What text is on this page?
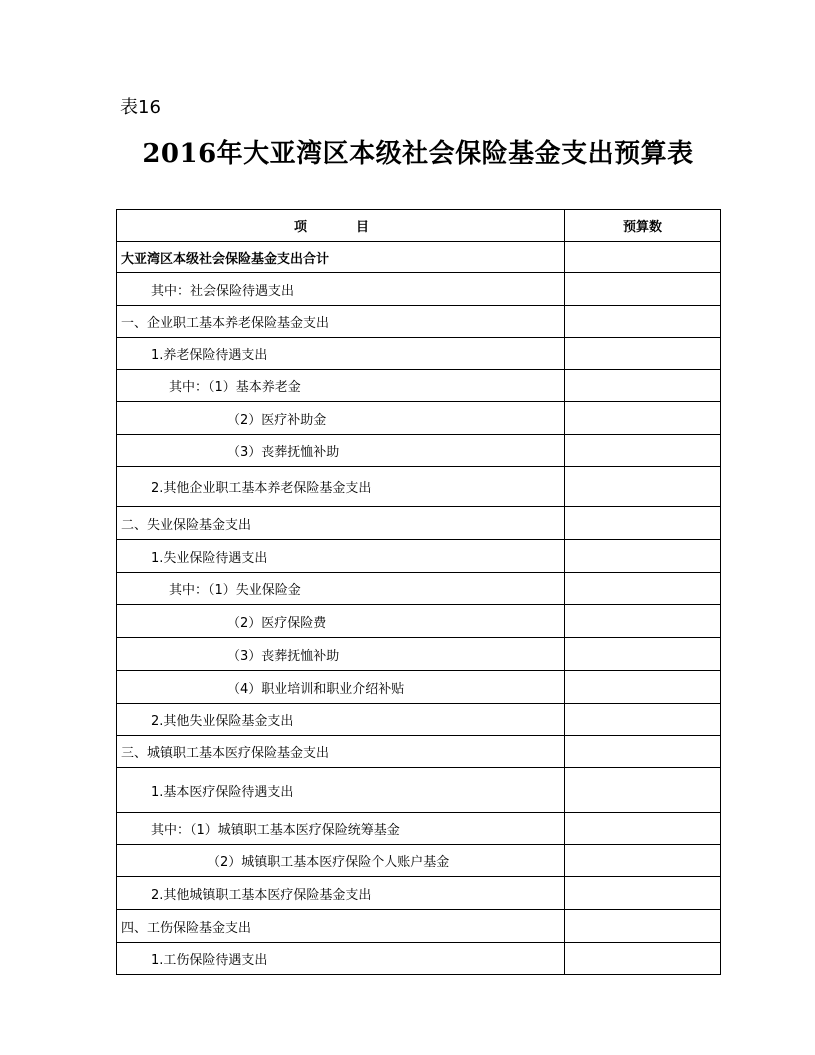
表16
2016年大亚湾区本级社会保险基金支出预算表
项　目	预算数
大亚湾区本级社会保险基金支出合计	
其中：社会保险待遇支出	
一、企业职工基本养老保险基金支出	
1.养老保险待遇支出	
其中：（1）基本养老金	
（2）医疗补助金	
（3）丧葬抚恤补助	
2.其他企业职工基本养老保险基金支出	
二、失业保险基金支出	
1.失业保险待遇支出	
其中：（1）失业保险金	
（2）医疗保险费	
（3）丧葬抚恤补助	
（4）职业培训和职业介绍补贴	
2.其他失业保险基金支出	
三、城镇职工基本医疗保险基金支出	
1.基本医疗保险待遇支出	
其中：（1）城镇职工基本医疗保险统筹基金	
（2）城镇职工基本医疗保险个人账户基金	
2.其他城镇职工基本医疗保险基金支出	
四、工伤保险基金支出	
1.工伤保险待遇支出	
